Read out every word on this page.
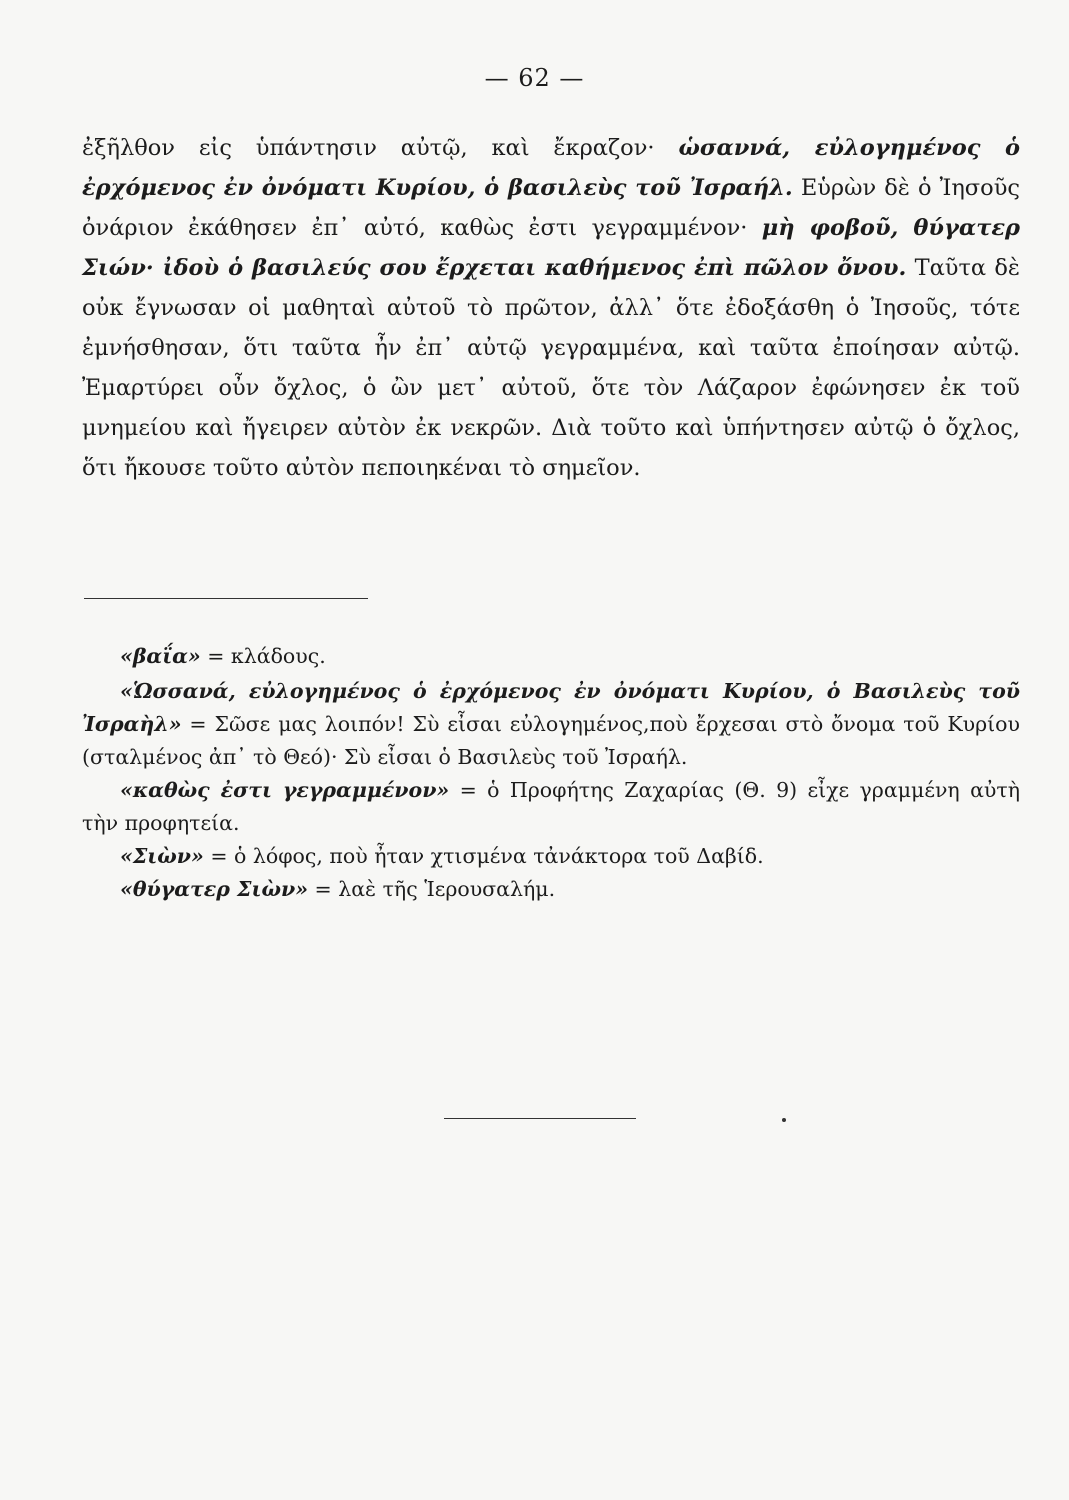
— 62 —

ἐξῆλθον εἰς ὑπάντησιν αὐτῷ, καὶ ἔκραζον· ὡσαννά, εὐλογημένος ὁ ἐρχόμενος ἐν ὀνόματι Κυρίου, ὁ βασιλεὺς τοῦ Ἰσραήλ. Εὑρὼν δὲ ὁ Ἰησοῦς ὀνάριον ἐκάθησεν ἐπ᾽ αὐτό, καθὼς ἐστι γεγραμμένον· μὴ φοβοῦ, θύγατερ Σιών· ἰδοὺ ὁ βασιλεύς σου ἔρχεται καθήμενος ἐπὶ πῶλον ὄνου. Ταῦτα δὲ οὐκ ἔγνωσαν οἱ μαθηταὶ αὐτοῦ τὸ πρῶτον, ἀλλ᾽ ὅτε ἐδοξάσθη ὁ Ἰησοῦς, τότε ἐμνήσθησαν, ὅτι ταῦτα ἦν ἐπ᾽ αὐτῷ γεγραμμένα, καὶ ταῦτα ἐποίησαν αὐτῷ. Ἐμαρτύρει οὖν ὄχλος, ὁ ὢν μετ᾽ αὐτοῦ, ὅτε τὸν Λάζαρον ἐφώνησεν ἐκ τοῦ μνημείου καὶ ἤγειρεν αὐτὸν ἐκ νεκρῶν. Διὰ τοῦτο καὶ ὑπήντησεν αὐτῷ ὁ ὄχλος, ὅτι ἤκουσε τοῦτο αὐτὸν πεποιηκέναι τὸ σημεῖον.

«βαΐα» = κλάδους.

«Ὡσσανά, εὐλογημένος ὁ ἐρχόμενος ἐν ὀνόματι Κυρίου, ὁ Βασιλεὺς τοῦ Ἰσραὴλ» = Σῶσε μας λοιπόν! Σὺ εἶσαι εὐλογημένος,ποὺ ἔρχεσαι στὸ ὄνομα τοῦ Κυρίου (σταλμένος ἀπ᾽ τὸ Θεό)· Σὺ εἶσαι ὁ Βασιλεὺς τοῦ Ἰσραήλ.

«καθὼς ἐστι γεγραμμένον» = ὁ Προφήτης Ζαχαρίας (Θ. 9) εἶχε γραμμένη αὐτὴ τὴν προφητεία.

«Σιὼν» = ὁ λόφος, ποὺ ἦταν χτισμένα τἀνάκτορα τοῦ Δαβίδ.

«θύγατερ Σιὼν» = λαὲ τῆς Ἱερουσαλήμ.
